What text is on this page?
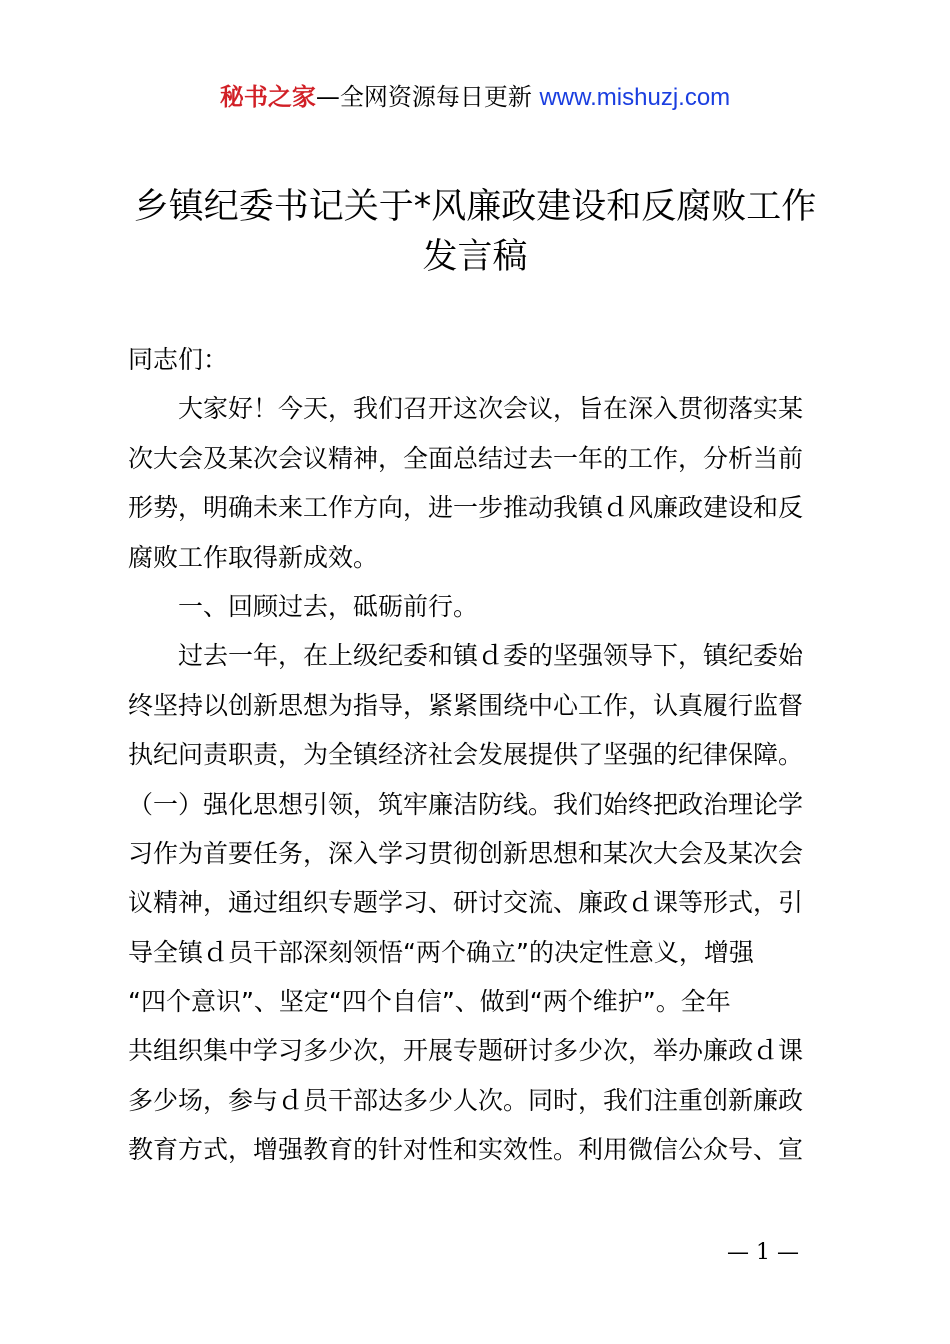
秘书之家—全网资源每日更新 www.mishuzj.com
乡镇纪委书记关于*风廉政建设和反腐败工作
发言稿
同志们：
大家好！今天，我们召开这次会议，旨在深入贯彻落实某
次大会及某次会议精神，全面总结过去一年的工作，分析当前
形势，明确未来工作方向，进一步推动我镇ｄ风廉政建设和反
腐败工作取得新成效。
一、回顾过去，砥砺前行。
过去一年，在上级纪委和镇ｄ委的坚强领导下，镇纪委始
终坚持以创新思想为指导，紧紧围绕中心工作，认真履行监督
执纪问责职责，为全镇经济社会发展提供了坚强的纪律保障。
（一）强化思想引领，筑牢廉洁防线。我们始终把政治理论学
习作为首要任务，深入学习贯彻创新思想和某次大会及某次会
议精神，通过组织专题学习、研讨交流、廉政ｄ课等形式，引
导全镇ｄ员干部深刻领悟“两个确立”的决定性意义，增强
“四个意识”、坚定“四个自信”、做到“两个维护”。全年
共组织集中学习多少次，开展专题研讨多少次，举办廉政ｄ课
多少场，参与ｄ员干部达多少人次。同时，我们注重创新廉政
教育方式，增强教育的针对性和实效性。利用微信公众号、宣
— 1 —
